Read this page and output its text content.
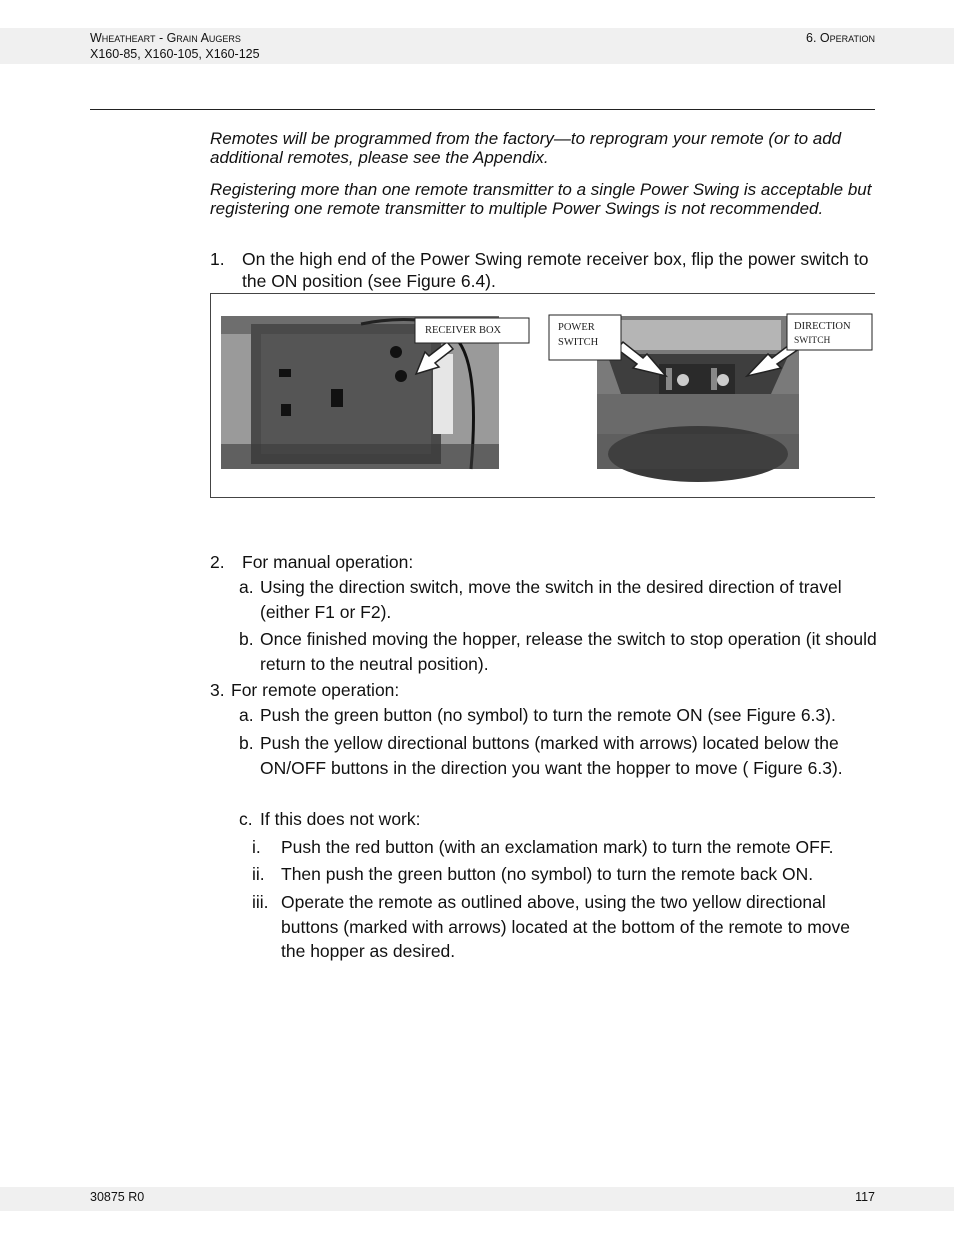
Wheatheart - Grain Augers
X160-85, X160-105, X160-125
6. Operation

Remotes will be programmed from the factory—to reprogram your remote (or to add additional remotes, please see the Appendix.

Registering more than one remote transmitter to a single Power Swing is acceptable but registering one remote transmitter to multiple Power Swings is not recommended.

1. On the high end of the Power Swing remote receiver box, flip the power switch to the ON position (see Figure 6.4).
RECEIVER BOX	POWER
SWITCH
DIRECTION
SWITCH
2. For manual operation:
a. Using the direction switch, move the switch in the desired direction of travel (either F1 or F2).
b. Once finished moving the hopper, release the switch to stop operation (it should return to the neutral position).
3. For remote operation:
a. Push the green button (no symbol) to turn the remote ON (see Figure 6.3).
b. Push the yellow directional buttons (marked with arrows) located below the ON/OFF buttons in the direction you want the hopper to move ( Figure 6.3).
c. If this does not work:
i.	Push the red button (with an exclamation mark) to turn the remote OFF.
ii. Then push the green button (no symbol) to turn the remote back ON.
iii. Operate the remote as outlined above, using the two yellow directional buttons (marked with arrows) located at the bottom of the remote to move the hopper as desired.
30875 R0	117
